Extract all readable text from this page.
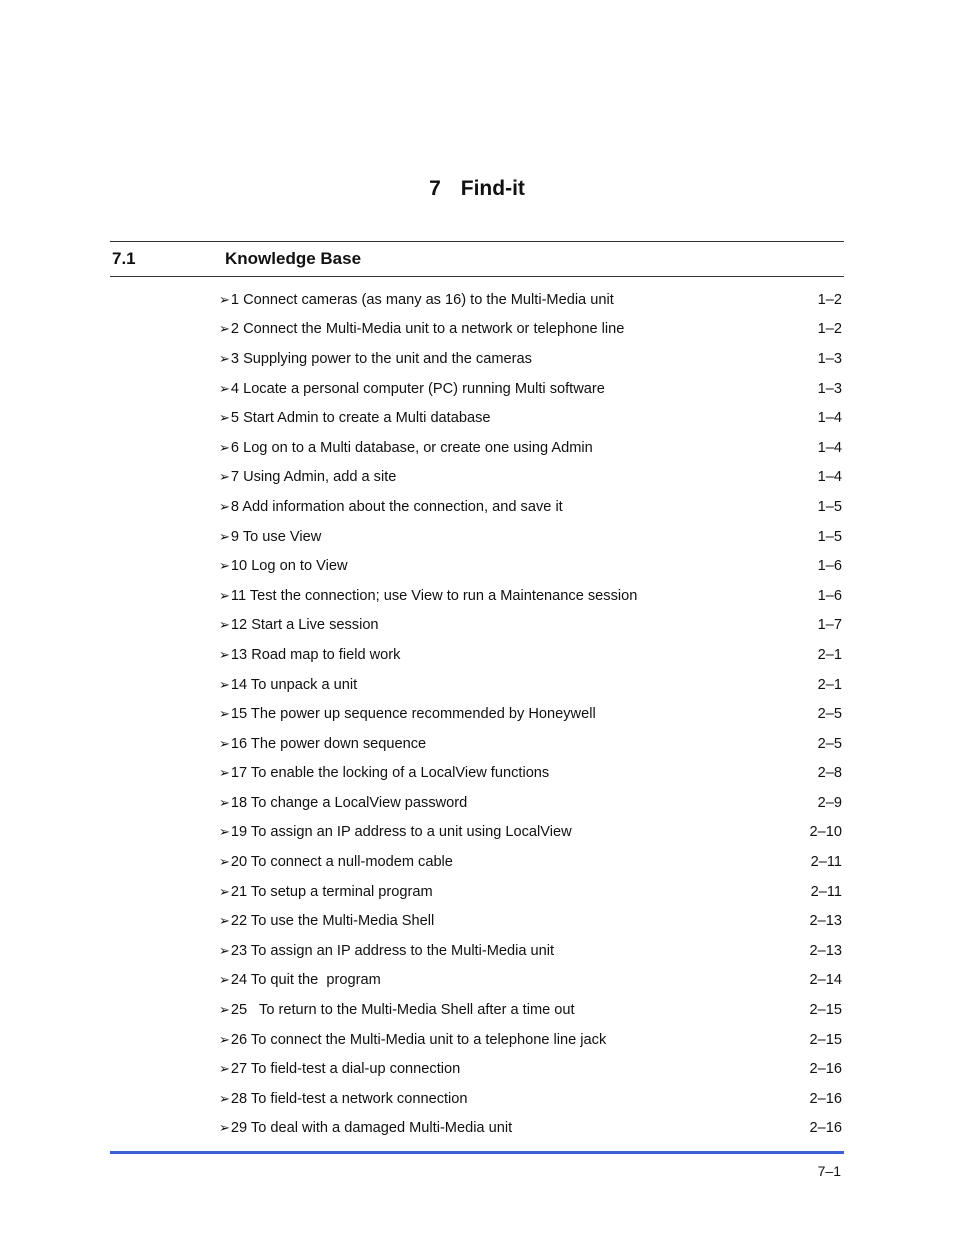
7 Find-it
7.1	Knowledge Base
➢ 1 Connect cameras (as many as 16) to the Multi-Media unit	1–2
➢ 2 Connect the Multi-Media unit to a network or telephone line	1–2
➢ 3 Supplying power to the unit and the cameras	1–3
➢ 4 Locate a personal computer (PC) running Multi software	1–3
➢ 5 Start Admin to create a Multi database	1–4
➢ 6 Log on to a Multi database, or create one using Admin	1–4
➢ 7 Using Admin, add a site	1–4
➢ 8 Add information about the connection, and save it	1–5
➢ 9 To use View	1–5
➢ 10 Log on to View	1–6
➢ 11 Test the connection; use View to run a Maintenance session	1–6
➢ 12 Start a Live session	1–7
➢ 13 Road map to field work	2–1
➢ 14 To unpack a unit	2–1
➢ 15 The power up sequence recommended by Honeywell	2–5
➢ 16 The power down sequence	2–5
➢ 17 To enable the locking of a LocalView functions	2–8
➢ 18 To change a LocalView password	2–9
➢ 19 To assign an IP address to a unit using LocalView	2–10
➢ 20 To connect a null-modem cable	2–11
➢ 21 To setup a terminal program	2–11
➢ 22 To use the Multi-Media Shell	2–13
➢ 23 To assign an IP address to the Multi-Media unit	2–13
➢ 24 To quit the  program	2–14
➢ 25   To return to the Multi-Media Shell after a time out	2–15
➢ 26 To connect the Multi-Media unit to a telephone line jack	2–15
➢ 27 To field-test a dial-up connection	2–16
➢ 28 To field-test a network connection	2–16
➢ 29 To deal with a damaged Multi-Media unit	2–16
7–1
